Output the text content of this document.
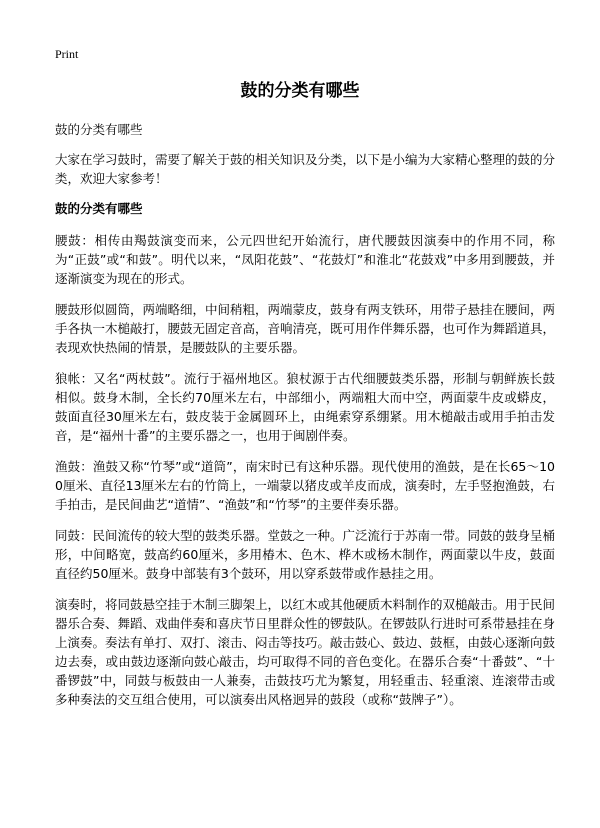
Print
鼓的分类有哪些

鼓的分类有哪些

大家在学习鼓时，需要了解关于鼓的相关知识及分类，以下是小编为大家精心整理的鼓的分类，欢迎大家参考！

鼓的分类有哪些

腰鼓：相传由羯鼓演变而来，公元四世纪开始流行，唐代腰鼓因演奏中的作用不同，称为“正鼓”或“和鼓”。明代以来，“凤阳花鼓”、“花鼓灯”和淮北“花鼓戏”中多用到腰鼓，并逐渐演变为现在的形式。

腰鼓形似圆筒，两端略细，中间稍粗，两端蒙皮，鼓身有两支铁环，用带子悬挂在腰间，两手各执一木槌敲打，腰鼓无固定音高，音响清亮，既可用作伴舞乐器，也可作为舞蹈道具，表现欢快热闹的情景，是腰鼓队的主要乐器。

狼帐：又名“两杖鼓”。流行于福州地区。狼杖源于古代细腰鼓类乐器，形制与朝鲜族长鼓相似。鼓身木制，全长约70厘米左右，中部细小，两端粗大而中空，两面蒙牛皮或蟒皮，鼓面直径30厘米左右，鼓皮装于金属圆环上，由绳索穿系绷紧。用木槌敲击或用手拍击发音，是“福州十番”的主要乐器之一，也用于闽剧伴奏。

渔鼓：渔鼓又称“竹琴”或“道筒”，南宋时已有这种乐器。现代使用的渔鼓，是在长65～100厘米、直径13厘米左右的竹筒上，一端蒙以猪皮或羊皮而成，演奏时，左手竖抱渔鼓，右手拍击，是民间曲艺“道情”、“渔鼓”和“竹琴”的主要伴奏乐器。

同鼓：民间流传的较大型的鼓类乐器。堂鼓之一种。广泛流行于苏南一带。同鼓的鼓身呈桶形，中间略宽，鼓高约60厘米，多用椿木、色木、桦木或杨木制作，两面蒙以牛皮，鼓面直径约50厘米。鼓身中部装有3个鼓环，用以穿系鼓带或作悬挂之用。

演奏时，将同鼓悬空挂于木制三脚架上，以红木或其他硬质木料制作的双槌敲击。用于民间器乐合奏、舞蹈、戏曲伴奏和喜庆节日里群众性的锣鼓队。在锣鼓队行进时可系带悬挂在身上演奏。奏法有单打、双打、滚击、闷击等技巧。敲击鼓心、鼓边、鼓框，由鼓心逐渐向鼓边去奏，或由鼓边逐渐向鼓心敲击，均可取得不同的音色变化。在器乐合奏“十番鼓”、“十番锣鼓”中，同鼓与板鼓由一人兼奏，击鼓技巧尤为繁复，用轻重击、轻重滚、连滚带击或多种奏法的交互组合使用，可以演奏出风格迥异的鼓段（或称“鼓牌子”）。
